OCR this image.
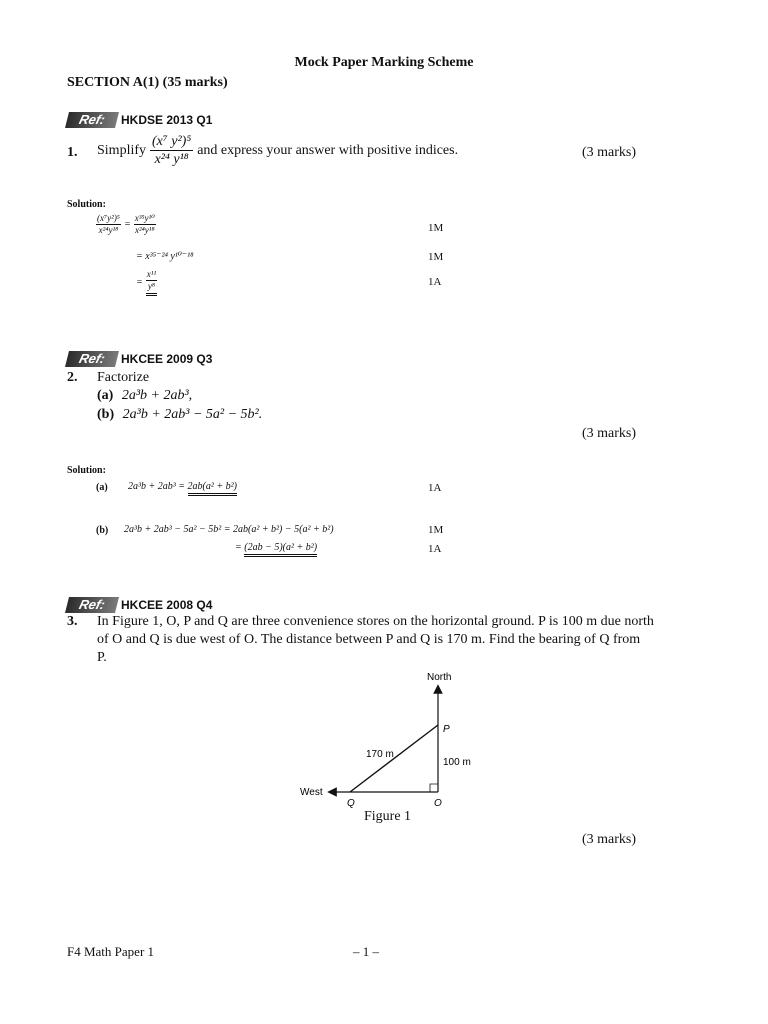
Mock Paper Marking Scheme
SECTION A(1) (35 marks)
Ref:	HKDSE 2013 Q1
1. Simplify $\frac{\text{(x⁷ y²)⁵}}{\text{x²⁴ y¹⁸}}$ and express your answer with positive indices.	(3 marks)
Solution:
$\frac{\text{(x⁷y²)⁵}}{\text{x²⁴y¹⁸}} = \frac{\text{x³⁵y¹⁰}}{\text{x²⁴y¹⁸}}$	1M
= x³⁵⁻²⁴ y¹⁰⁻¹⁸	1M
= $\frac{\text{x¹¹}}{\text{y⁸}}$	1A
Ref:	HKCEE 2009 Q3
2. Factorize
(a) 2a³b + 2ab³,
(b) 2a³b + 2ab³ − 5a² − 5b².
(3 marks)
Solution:
(a) 2a³b + 2ab³ = 2ab(a² + b²)	1A
(b) 2a³b + 2ab³ − 5a² − 5b² = 2ab(a² + b²) − 5(a² + b²)	1M
= (2ab − 5)(a² + b²)	1A
Ref:	HKCEE 2008 Q4
3. In Figure 1, O, P and Q are three convenience stores on the horizontal ground. P is 100 m due north
of O and Q is due west of O. The distance between P and Q is 170 m. Find the bearing of Q from
P.
North
West
P
Q	O
170 m
100 m
Figure 1
(3 marks)
F4 Math Paper 1	– 1 –
